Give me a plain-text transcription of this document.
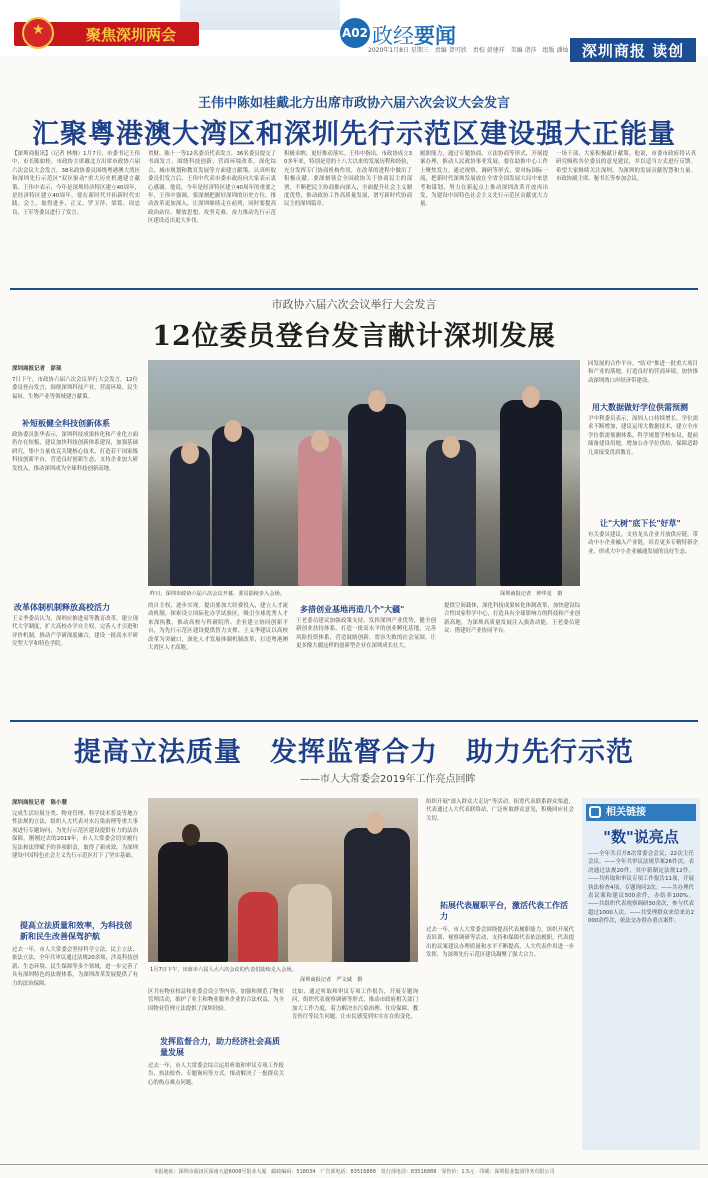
★	聚焦深圳两会	A02 政经要闻
2020年1月8日 星期三　责编 贺可欣　责校 黄建祥　美编 诸莎　组版 潘灿 深圳商报 读创
王伟中陈如桂戴北方出席市政协六届六次会议大会发言
汇聚粤港澳大湾区和深圳先行示范区建设强大正能量
【深圳商报讯】（记者 林炯）1月7日，市委书记王伟中，市长陈如桂，市政协主席戴北方出席市政协六届六次会议大会发言，38名政协委员围绕粤港澳大湾区和深圳先行示范区"双区驱动"重大历史机遇建言献策。王伟中表示，今年是深圳经济特区建立40周年，是经济特区建立40周年，要在新时代开拓新时代实践。会上，取得进步，正义、罗卫萍、梁铭、周忠良、王军等委员进行了发言。
省财、陈十一等12名委员代表发言，36名委员提交了书面发言，围绕科技创新、营商环境改革、深化综合、城市规划和教育发展等方面建言献策。认真听取委员们发言后，王伟中代表市委市政府向大家表示衷心感谢。他说，今年是经济特区建立40周年的重要之年，王伟中强调，要深刻把握好深圳的历史方位，推动改革更加深入，让深圳继续走在前列，同时要提高政治站位、解放思想、攻坚克难，奋力推动先行示范区建设迈出更大步伐。
积极采纳，更好推动落实。王伟中指出，市政协成立30多年来，特别是党的十八大以来的发展历程和经验，充分发挥专门协商机构作用，在改革的进程中做出了积极贡献。要深刻领会全国政协关于协商民主的部署，不断把民主协商推向深入，全面提升社会主义制度优势，推动政协工作高质量发展，谱写新时代协商民主的深圳篇章。
履职能力，通过专题协商、立法协商等形式，开展提案办理，推动人民政协事业发展，要在助推中心工作上聚焦发力。通过视察、调研等形式，要对标国际一流，把新时代深圳发展放在全省全国发展大局中来思考和谋划，努力在新起点上推动深圳改革开放再出发，为建设中国特色社会主义先行示范区贡献更大力量。
一场干部，大家积极献计献策。他说，市委市政府将认真研究吸收各位委员的意见建议，并以适当方式进行反馈。希望大家继续关注深圳，为深圳的发展贡献智慧和力量。市政协副主席、秘书长等参加会议。
市政协六届六次会议举行大会发言
12位委员登台发言献计深圳发展
深圳商报记者　彭琰
7日下午，市政协六届六次会议举行大会发言，12位委员登台发言，围绕深圳科技产业、营商环境、民生福祉、生物产业等领域建言献策。
补短板健全科技创新体系
政协委员张华表示，深圳科技成果转化和产业化方面仍存在短板，建议加快科技创新体系建设，加强基础研究，集中力量攻克关键核心技术，打造若干国家级科技创新平台，营造良好创新生态，支持企业加大研发投入，推动深圳成为全球科技创新高地。
改革体制机制释放高校活力
王义季委员认为，深圳应推进高等教育改革，建立现代大学制度，扩大高校办学自主权，完善人才引进和评价机制，推动产学研深度融合，建设一批高水平研究型大学和特色学院。
昨日，深圳市政协六届六次会议开幕，委员陆续步入会场。	深圳商报记者　钟华星　摄
的自主权，逐步实现。提出要加大经费投入，建立人才流动机制，探索设立国际化办学试验区，吸引全球优秀人才来深执教，推动高校与科研院所、企业建立协同创新平台，为先行示范区建设提供智力支撑。王义季建议以高校改革为突破口，深化人才发展体制机制改革，打造粤港澳大湾区人才高地。
多措创业基地再造几个"大疆"
王老委员建议加强政策支持，发挥深圳产业优势，健全创新创业扶持体系，打造一批高水平的创业孵化基地，完善风险投资体系，营造鼓励创新、宽容失败的社会氛围，让更多像大疆这样的创新型企业在深圳成长壮大。
提供空间载体，深化科技成果转化体制改革，加快建设综合性国家科学中心，打造具有全球影响力的科技和产业创新高地，为深圳高质量发展注入强劲动能。王老委员建议：搭建好产业协同平台。
同发展的合作平台，"结对"推进一批重大项目和产业的落地，打造良好的营商环境，加快推动深圳湾口岸经济带建设。
用大数据做好学位供需预测
尹中利委员表示，深圳人口持续增长，学位需求不断增加，建议运用大数据技术，建立全市学位供需预测体系，科学规划学校布局，提前储备建设用地，增加公办学位供给，保障适龄儿童接受优质教育。
让"大树"底下长"好草"
有关委员建议，支持龙头企业开放供应链，带动中小企业融入产业链，培育更多专精特新企业，形成大中小企业融通发展的良好生态。
提高立法质量　发挥监督合力　助力先行示范
——市人大常委会2019年工作亮点回眸
深圳商报记者　陈小慧
完成生活垃圾分类、物业管理、科学技术普及等地方性法规的立法，组织人大代表对水污染治理等重大事项进行专题询问，为先行示范区建设提供有力的法治保障。刚刚过去的2019年，市人大常委会切实履行宪法和法律赋予的各项职责，取得了新成效，为深圳建设中国特色社会主义先行示范区打下了坚实基础。
提高立法质量和效率，为科技创新和民生改善保驾护航
过去一年，市人大常委会坚持科学立法、民主立法、依法立法，全年共审议通过法规20余项，涉及科技创新、生态环境、民生保障等多个领域，进一步完善了具有深圳特色的法规体系，为深圳改革发展提供了有力的法治保障。
1月7日下午，出席市六届人大六次会议的代表们陆续走入会场。
深圳商报记者　严文诚　摄
区共有物业权益和业委会设立等内容，加强和规范了物业管理活动，维护了业主和物业服务企业的合法权益，为全国物业管理立法提供了深圳经验。
发挥监督合力，助力经济社会高质量发展
过去一年，市人大常委会综合运用听取和审议专项工作报告、执法检查、专题询问等方式，推动解决了一批群众关心的热点难点问题。
比如，通过听取和审议专项工作报告，开展专题询问，组织代表视察调研等形式，推动市政府相关部门加大工作力度，着力解决水污染治理、住房保障、教育医疗等民生问题，让市民感受到实实在在的变化。
组织开展"深入群众大走访"等活动，拓宽代表联系群众渠道，代表通过人大代表联络站，广泛听取群众意见，积极回应社会关切。
拓展代表履职平台，激活代表工作活力
过去一年，市人大常委会围绕提高代表履职能力，组织开展代表培训、视察调研等活动，支持和保障代表依法履职，代表提出的议案建议办理质量和水平不断提高，人大代表作用进一步发挥，为深圳先行示范区建设凝聚了强大合力。
相关链接
"数"说亮点
——全年共召开8次常委会会议，22次主任会议。——全年共审议法规草案26件次，表决通过法规20件，其中新制定法规12件。——共听取和审议专项工作报告11项，开展执法检查4项，专题询问2次。——共办理代表议案和建议500余件，办结率100%。——共组织代表视察调研30余次，参与代表超过1000人次。——共受理群众来信来访2000余件次，依法交办督办重点案件。
本报地址：深圳市福田区深南大道6008号报业大厦　邮政编码：518034　广告部电话：83516888　发行部电话：83516888　零售价：1.5元　印刷：深圳报业集团印务有限公司
